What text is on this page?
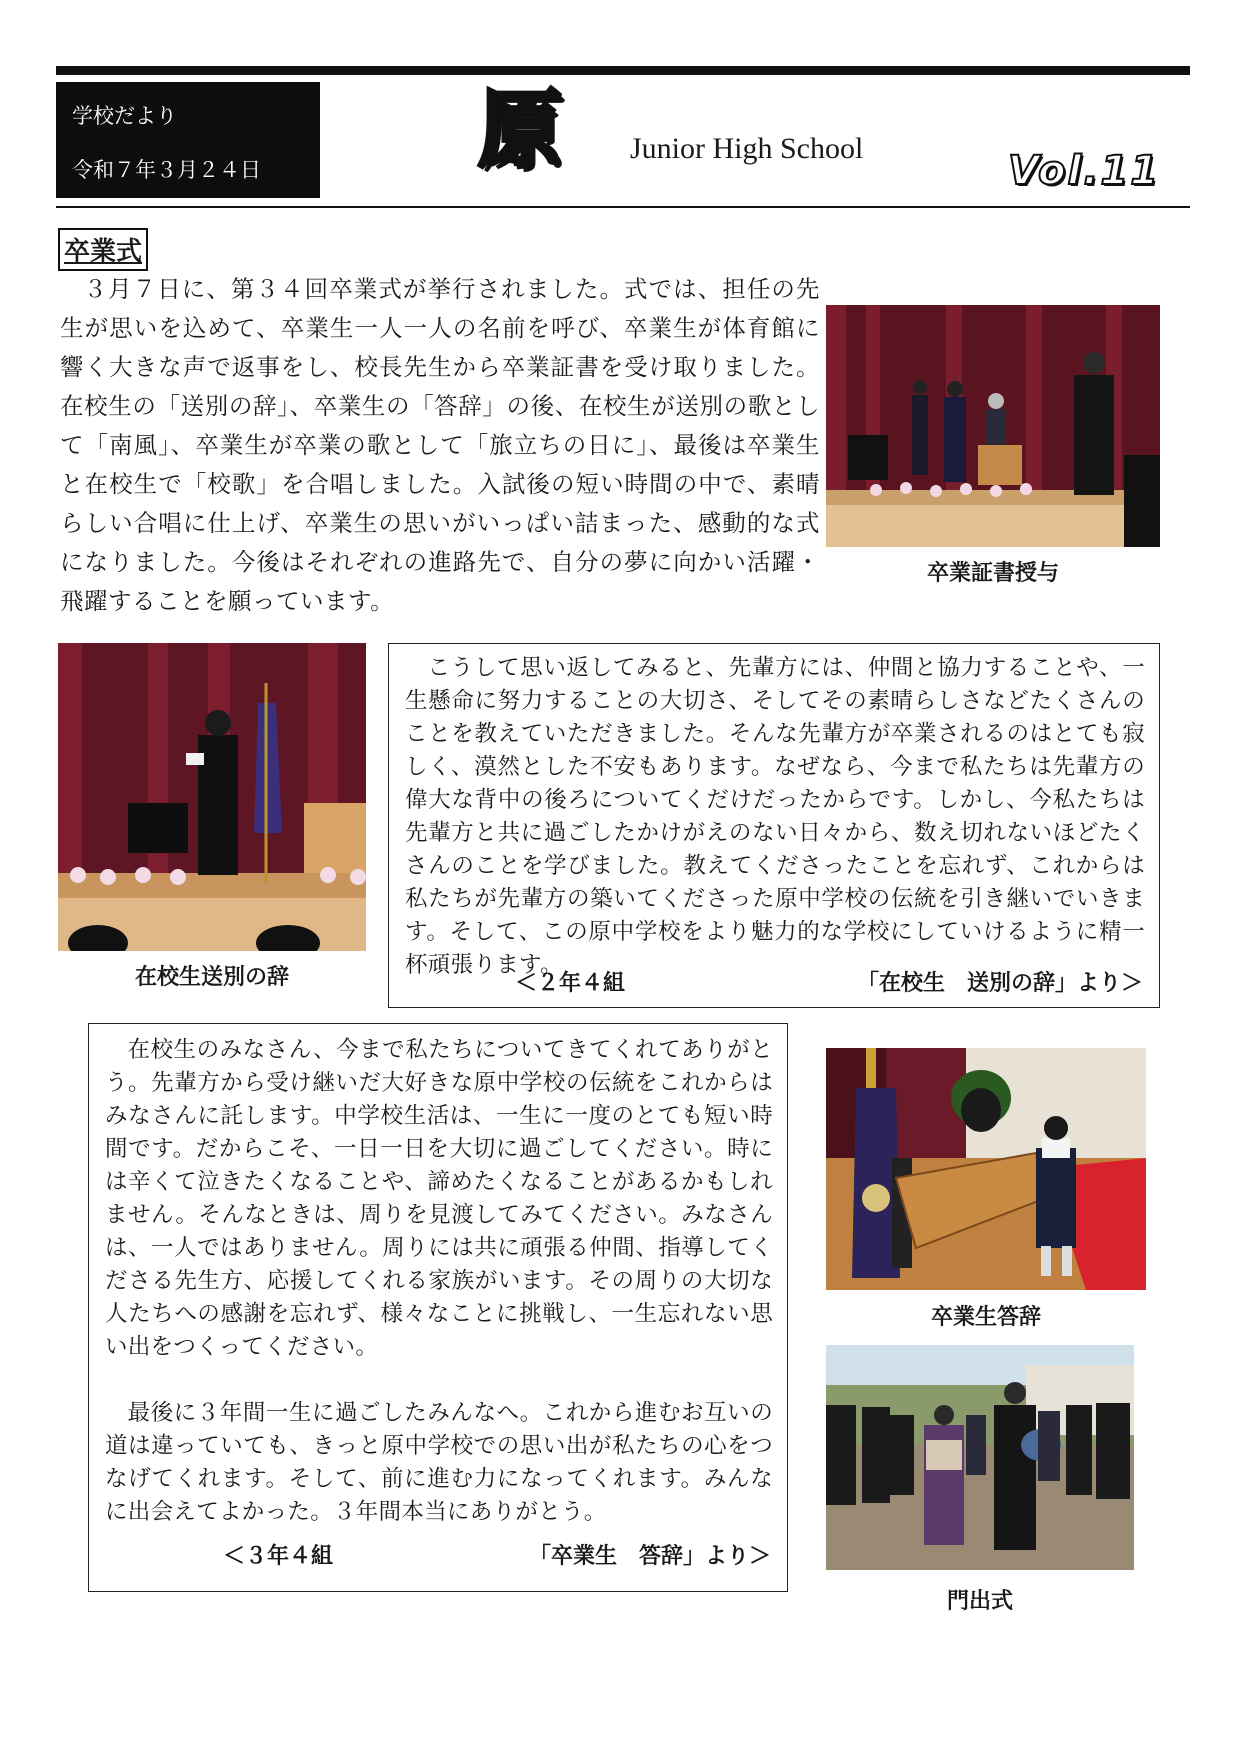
学校だより
令和７年３月２４日	原 Junior High School	Vol.11
卒業式

３月７日に、第３４回卒業式が挙行されました。式では、担任の先生が思いを込めて、卒業生一人一人の名前を呼び、卒業生が体育館に響く大きな声で返事をし、校長先生から卒業証書を受け取りました。在校生の「送別の辞」、卒業生の「答辞」の後、在校生が送別の歌として「南風」、卒業生が卒業の歌として「旅立ちの日に」、最後は卒業生と在校生で「校歌」を合唱しました。入試後の短い時間の中で、素晴らしい合唱に仕上げ、卒業生の思いがいっぱい詰まった、感動的な式になりました。今後はそれぞれの進路先で、自分の夢に向かい活躍・飛躍することを願っています。

卒業証書授与
在校生送別の辞

こうして思い返してみると、先輩方には、仲間と協力することや、一生懸命に努力することの大切さ、そしてその素晴らしさなどたくさんのことを教えていただきました。そんな先輩方が卒業されるのはとても寂しく、漠然とした不安もあります。なぜなら、今まで私たちは先輩方の偉大な背中の後ろについてくだけだったからです。しかし、今私たちは先輩方と共に過ごしたかけがえのない日々から、数え切れないほどたくさんのことを学びました。教えてくださったことを忘れず、これからは私たちが先輩方の築いてくださった原中学校の伝統を引き継いでいきます。そして、この原中学校をより魅力的な学校にしていけるように精一杯頑張ります。

＜２年４組	「在校生　送別の辞」より＞

在校生のみなさん、今まで私たちについてきてくれてありがとう。先輩方から受け継いだ大好きな原中学校の伝統をこれからはみなさんに託します。中学校生活は、一生に一度のとても短い時間です。だからこそ、一日一日を大切に過ごしてください。時には辛くて泣きたくなることや、諦めたくなることがあるかもしれません。そんなときは、周りを見渡してみてください。みなさんは、一人ではありません。周りには共に頑張る仲間、指導してくださる先生方、応援してくれる家族がいます。その周りの大切な人たちへの感謝を忘れず、様々なことに挑戦し、一生忘れない思い出をつくってください。

最後に３年間一生に過ごしたみんなへ。これから進むお互いの道は違っていても、きっと原中学校での思い出が私たちの心をつなげてくれます。そして、前に進む力になってくれます。みんなに出会えてよかった。３年間本当にありがとう。

＜３年４組	「卒業生　答辞」より＞
卒業生答辞
門出式
